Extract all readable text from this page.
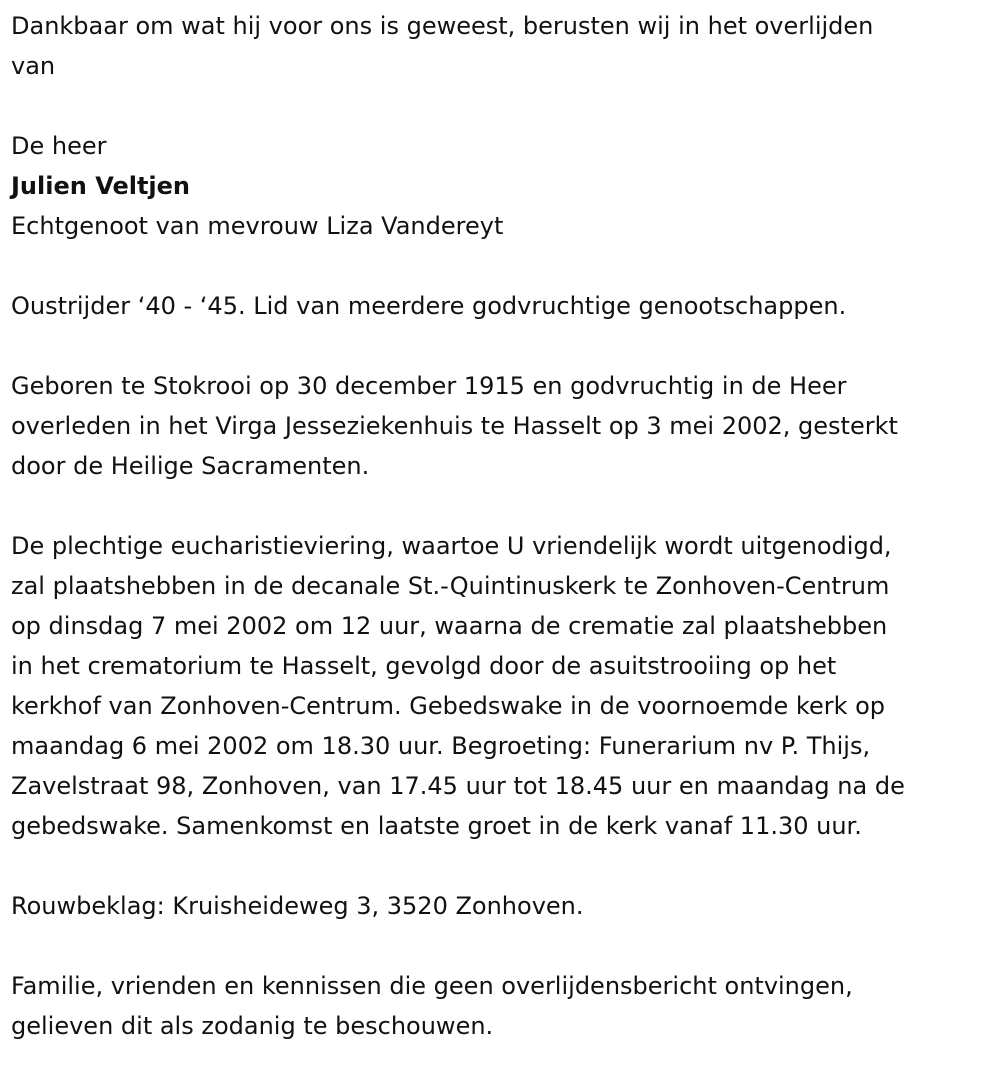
Dankbaar om wat hij voor ons is geweest, berusten wij in het overlijden
van
De heer
Julien Veltjen
Echtgenoot van mevrouw Liza Vandereyt
Oustrijder ‘40 - ‘45. Lid van meerdere godvruchtige genootschappen.
Geboren te Stokrooi op 30 december 1915 en godvruchtig in de Heer
overleden in het Virga Jesseziekenhuis te Hasselt op 3 mei 2002, gesterkt
door de Heilige Sacramenten.
De plechtige eucharistieviering, waartoe U vriendelijk wordt uitgenodigd,
zal plaatshebben in de decanale St.-Quintinuskerk te Zonhoven-Centrum
op dinsdag 7 mei 2002 om 12 uur, waarna de crematie zal plaatshebben
in het crematorium te Hasselt, gevolgd door de asuitstrooiing op het
kerkhof van Zonhoven-Centrum. Gebedswake in de voornoemde kerk op
maandag 6 mei 2002 om 18.30 uur. Begroeting: Funerarium nv P. Thijs,
Zavelstraat 98, Zonhoven, van 17.45 uur tot 18.45 uur en maandag na de
gebedswake. Samenkomst en laatste groet in de kerk vanaf 11.30 uur.
Rouwbeklag: Kruisheideweg 3, 3520 Zonhoven.
Familie, vrienden en kennissen die geen overlijdensbericht ontvingen,
gelieven dit als zodanig te beschouwen.
